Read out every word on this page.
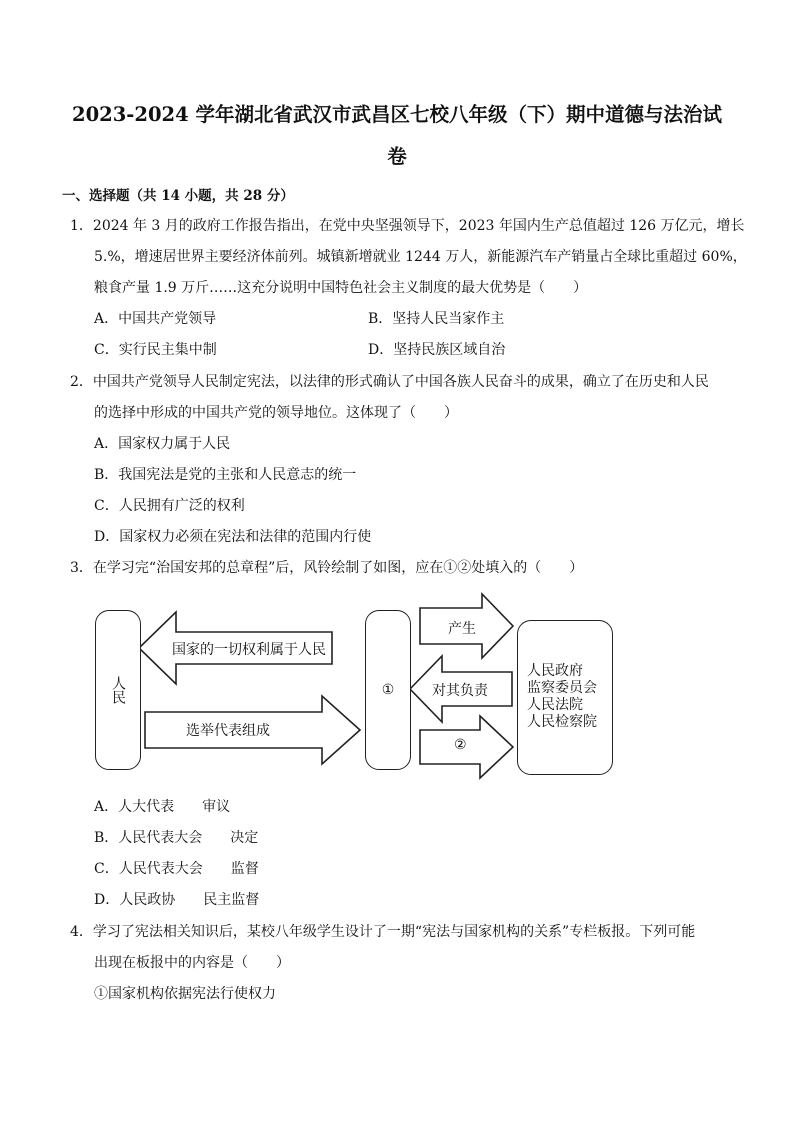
2023-2024 学年湖北省武汉市武昌区七校八年级（下）期中道德与法治试
卷
一、选择题（共 14 小题，共 28 分）
1．2024 年 3 月的政府工作报告指出，在党中央坚强领导下，2023 年国内生产总值超过 126 万亿元，增长
5.%，增速居世界主要经济体前列。城镇新增就业 1244 万人，新能源汽车产销量占全球比重超过 60%，
粮食产量 1.9 万斤……这充分说明中国特色社会主义制度的最大优势是（　　）
A．中国共产党领导	B．坚持人民当家作主
C．实行民主集中制	D．坚持民族区域自治
2．中国共产党领导人民制定宪法，以法律的形式确认了中国各族人民奋斗的成果，确立了在历史和人民
的选择中形成的中国共产党的领导地位。这体现了（　　）
A．国家权力属于人民
B．我国宪法是党的主张和人民意志的统一
C．人民拥有广泛的权利
D．国家权力必须在宪法和法律的范围内行使
3．在学习完“治国安邦的总章程”后，风铃绘制了如图，应在①②处填入的（　　）
人民	①
人民政府
监察委员会
人民法院
人民检察院
国家的一切权利属于人民
选举代表组成
产生
对其负责
②
A．人大代表　　审议
B．人民代表大会　　决定
C．人民代表大会　　监督
D．人民政协　　民主监督
4．学习了宪法相关知识后，某校八年级学生设计了一期“宪法与国家机构的关系”专栏板报。下列可能
出现在板报中的内容是（　　）
①国家机构依据宪法行使权力
